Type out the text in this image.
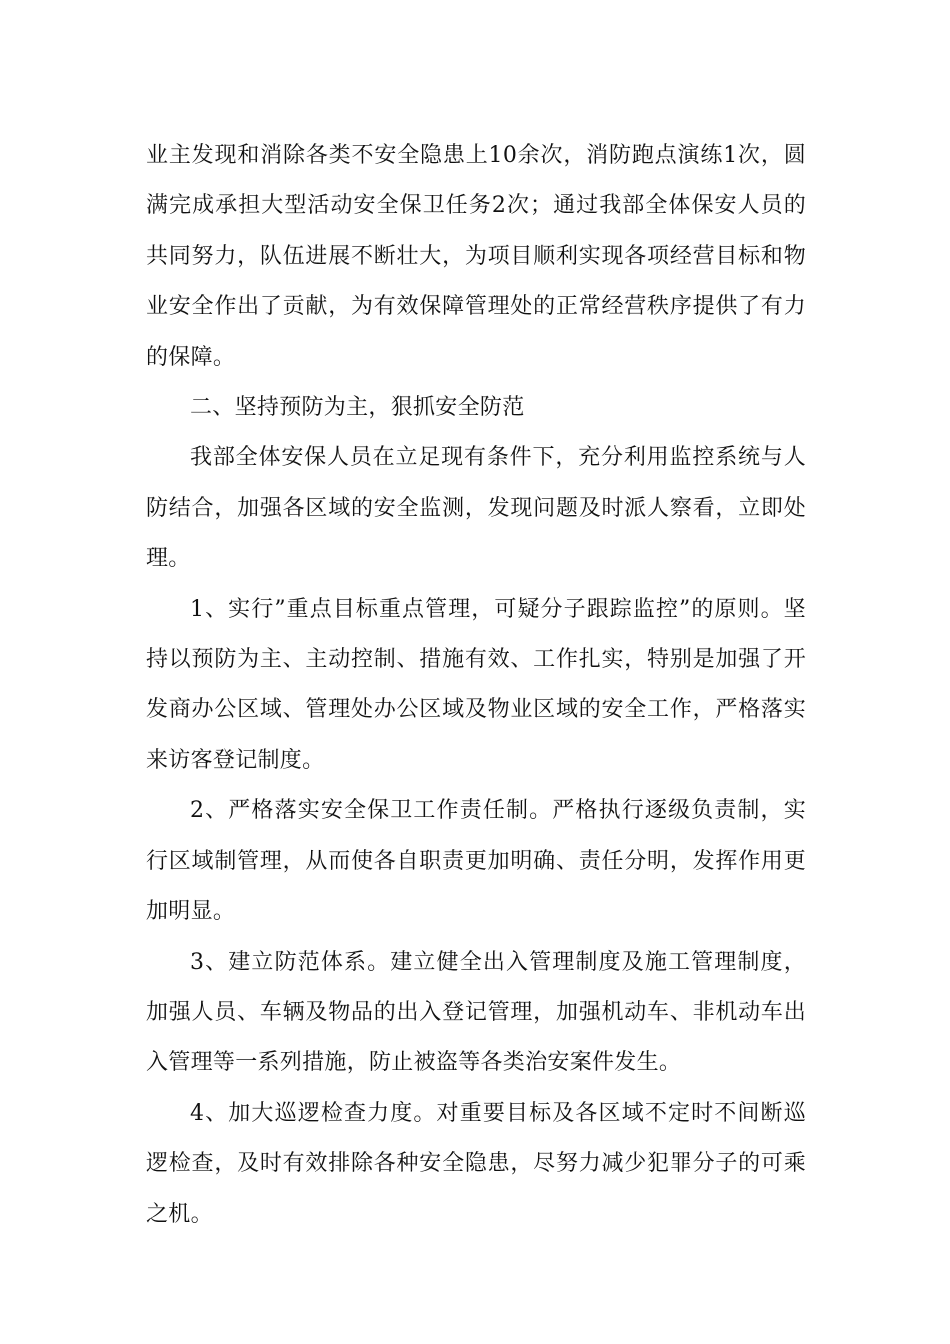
业主发现和消除各类不安全隐患上10余次，消防跑点演练1次，圆满完成承担大型活动安全保卫任务2次；通过我部全体保安人员的共同努力，队伍进展不断壮大，为项目顺利实现各项经营目标和物业安全作出了贡献，为有效保障管理处的正常经营秩序提供了有力的保障。

二、坚持预防为主，狠抓安全防范

我部全体安保人员在立足现有条件下，充分利用监控系统与人防结合，加强各区域的安全监测，发现问题及时派人察看，立即处理。

1、实行”重点目标重点管理，可疑分子跟踪监控”的原则。坚持以预防为主、主动控制、措施有效、工作扎实，特别是加强了开发商办公区域、管理处办公区域及物业区域的安全工作，严格落实来访客登记制度。

2、严格落实安全保卫工作责任制。严格执行逐级负责制，实行区域制管理，从而使各自职责更加明确、责任分明，发挥作用更加明显。

3、建立防范体系。建立健全出入管理制度及施工管理制度，加强人员、车辆及物品的出入登记管理，加强机动车、非机动车出入管理等一系列措施，防止被盗等各类治安案件发生。

4、加大巡逻检查力度。对重要目标及各区域不定时不间断巡逻检查，及时有效排除各种安全隐患，尽努力减少犯罪分子的可乘之机。
